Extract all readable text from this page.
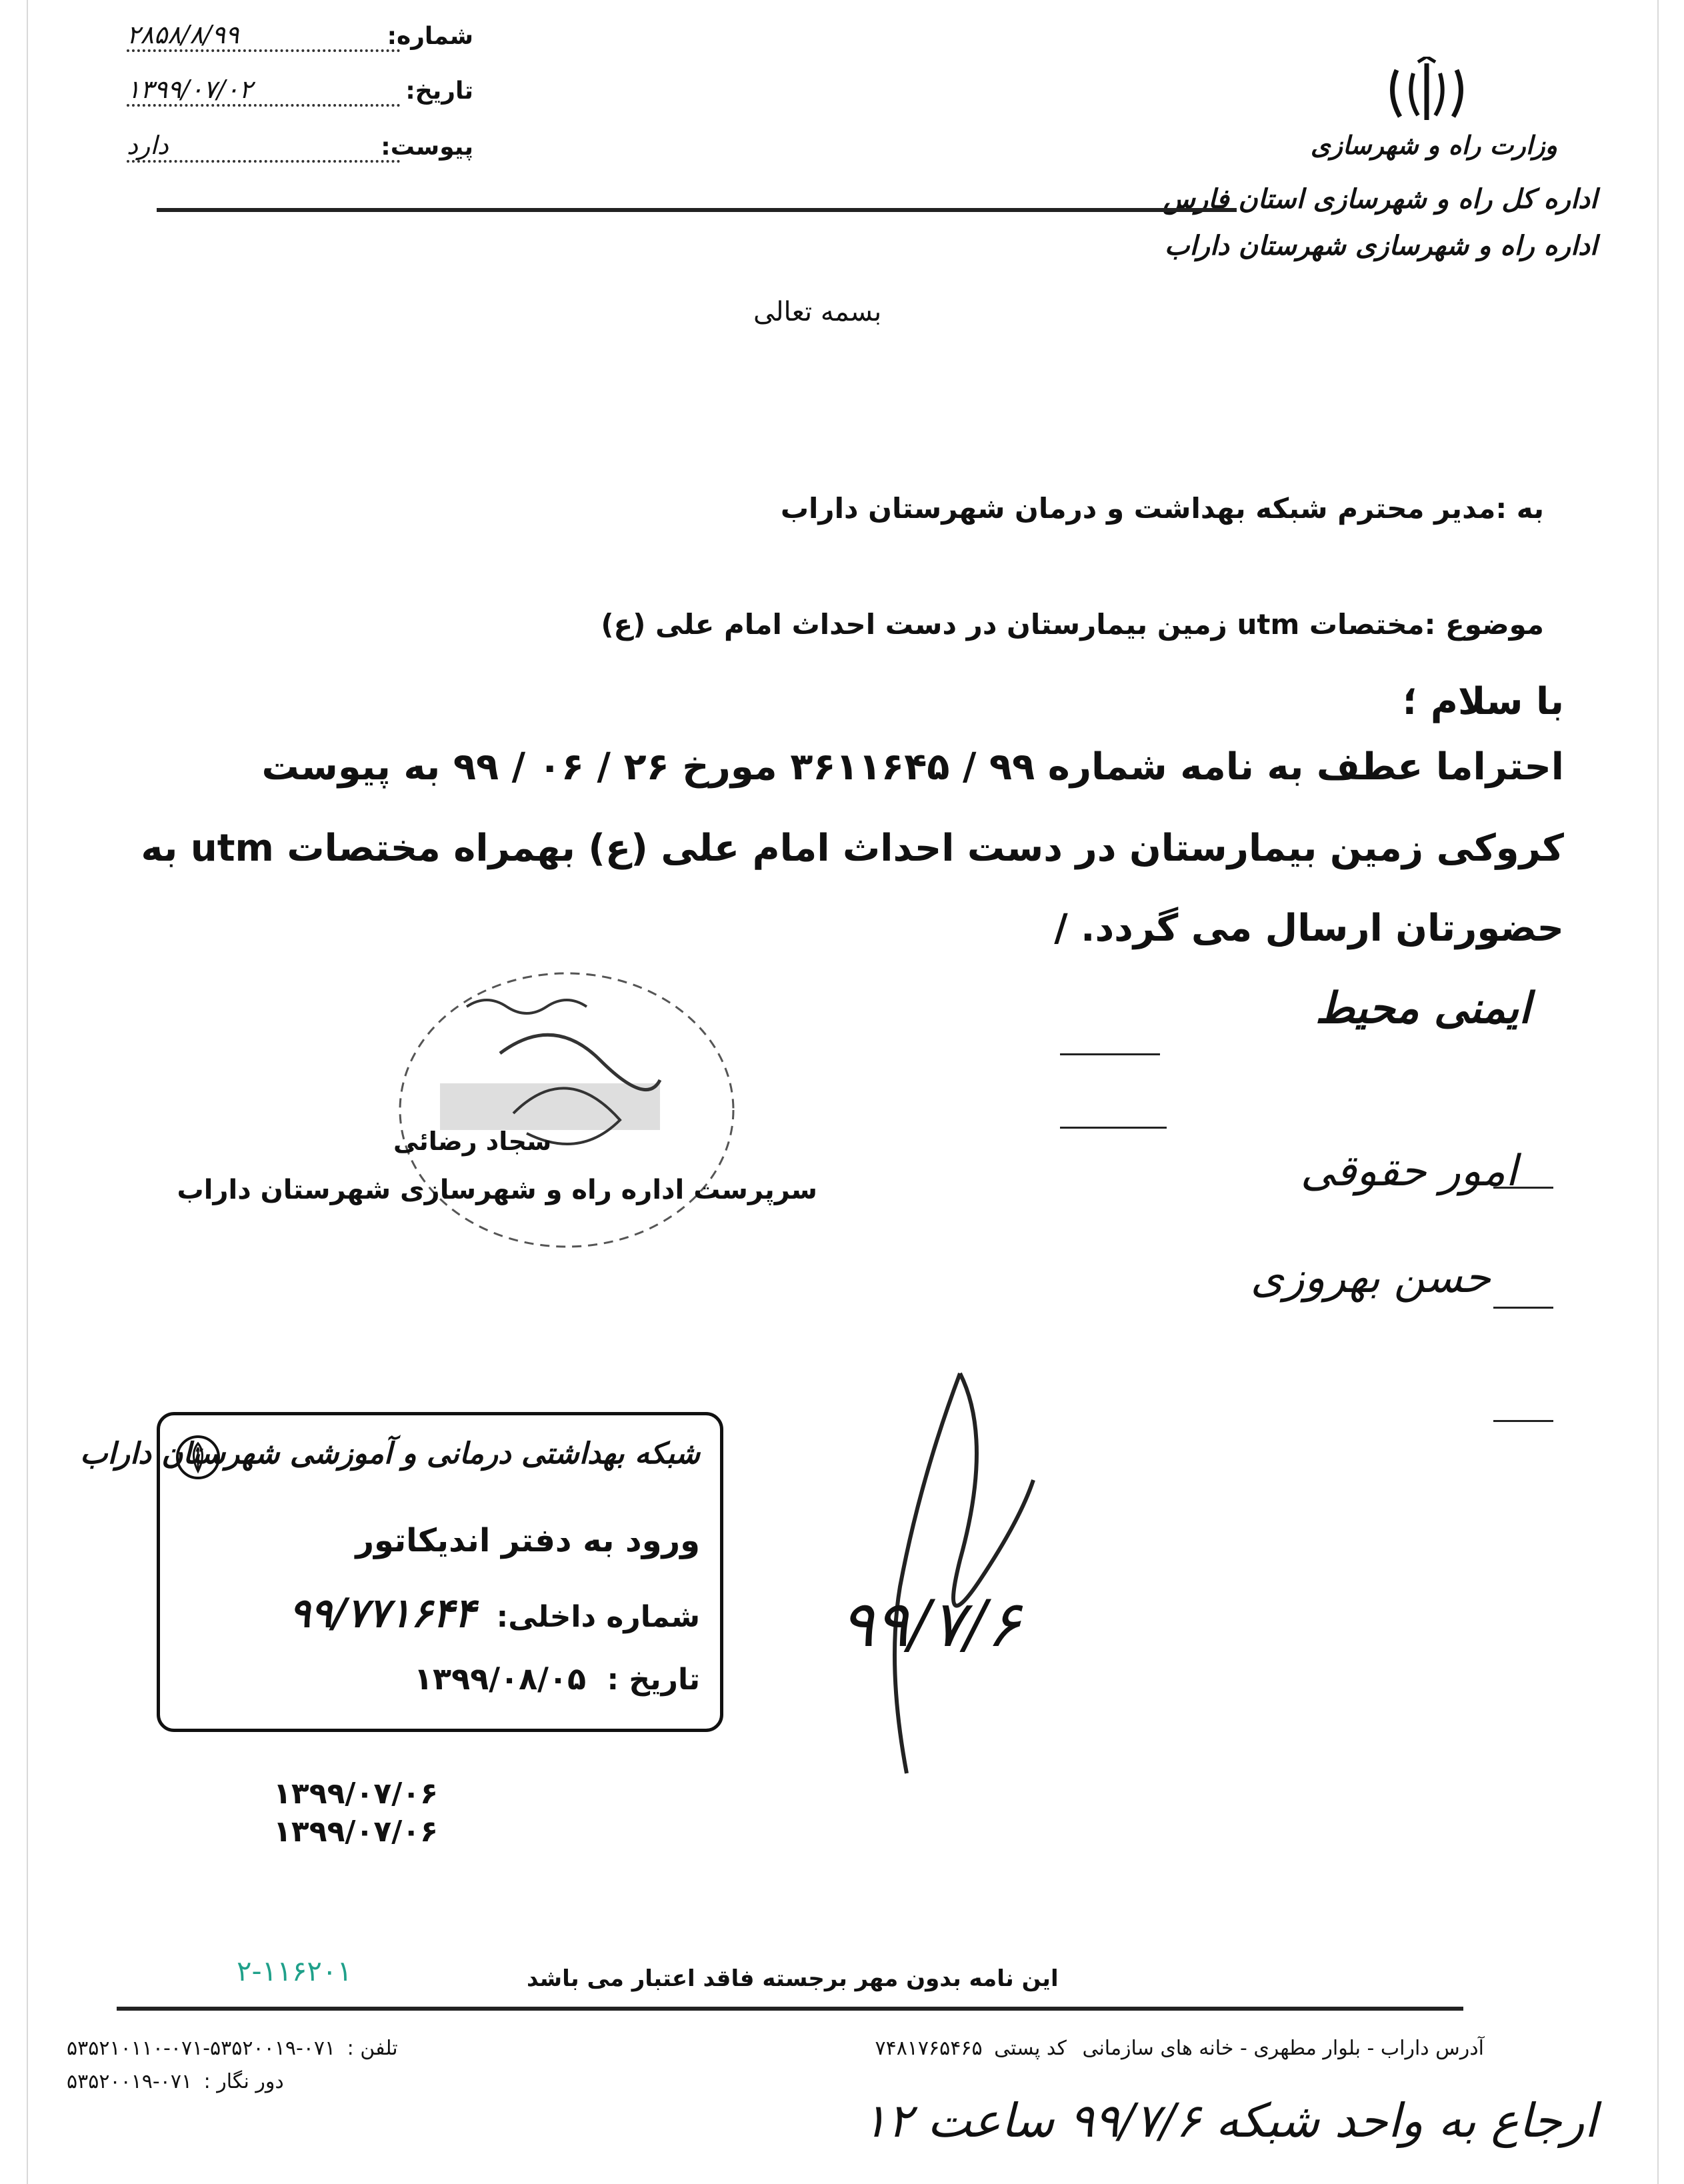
شماره:
۲۸۵۸/۸/۹۹
تاریخ:
۱۳۹۹/۰۷/۰۲
پیوست:
دارد	وزارت راه و شهرسازی
اداره کل راه و شهرسازی استان فارس
اداره راه و شهرسازی شهرستان داراب
بسمه تعالی
به :مدیر محترم شبکه بهداشت و درمان شهرستان داراب
موضوع :مختصات utm زمین بیمارستان در دست احداث امام علی (ع)
با سلام ؛
احتراما عطف به نامه شماره ۹۹ / ۳۶۱۱۶۴۵ مورخ ۲۶ / ۰۶ / ۹۹ به پیوست
کروکی زمین بیمارستان در دست احداث امام علی (ع) بهمراه مختصات utm به
حضورتان ارسال می گردد. /
سجاد رضائی
سرپرست اداره راه و شهرسازی شهرستان داراب
ایمنی محیط
امور حقوقی
حسن بهروزی
۹۹/۷/۶
شبکه بهداشتی درمانی و آموزشی شهرستان داراب
ورود به دفتر اندیکاتور
شماره داخلی: ۹۹/۷۷۱۶۴۴
تاریخ : ۱۳۹۹/۰۸/۰۵
۱۳۹۹/۰۷/۰۶
۱۳۹۹/۰۷/۰۶
۲-۱۱۶۲۰۱	این نامه بدون مهر برجسته فاقد اعتبار می باشد
آدرس داراب - بلوار مطهری - خانه های سازمانی کد پستی ۷۴۸۱۷۶۵۴۶۵
تلفن : ۰۷۱-۵۳۵۲۰۰۱۹-۰۷۱-۵۳۵۲۱۰۱۱۰
دور نگار : ۰۷۱-۵۳۵۲۰۰۱۹
ارجاع به واحد شبکه ۹۹/۷/۶ ساعت ۱۲
